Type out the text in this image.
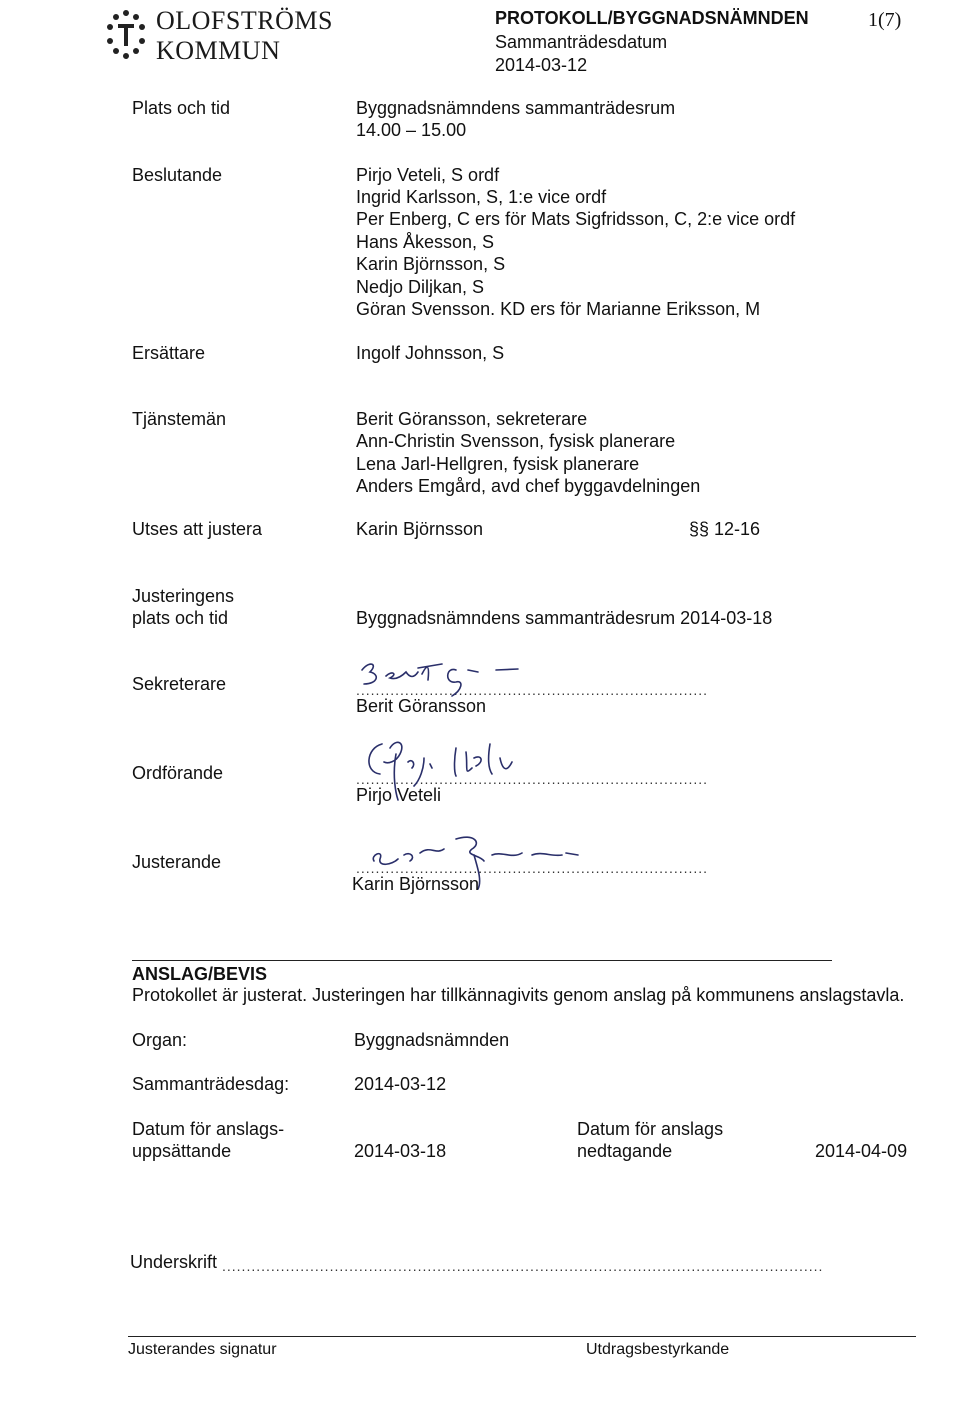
OLOFSTRÖMS
KOMMUN
PROTOKOLL/BYGGNADSNÄMNDEN
Sammanträdesdatum
2014-03-12
1(7)
Plats och tid	Byggnadsnämndens sammanträdesrum
14.00 – 15.00
Beslutande	Pirjo Veteli, S ordf
Ingrid Karlsson, S, 1:e vice ordf
Per Enberg, C ers för Mats Sigfridsson, C, 2:e vice ordf
Hans Åkesson, S
Karin Björnsson, S
Nedjo Diljkan, S
Göran Svensson. KD ers för Marianne Eriksson, M
Ersättare	Ingolf Johnsson, S
Tjänstemän	Berit Göransson, sekreterare
Ann-Christin Svensson, fysisk planerare
Lena Jarl-Hellgren, fysisk planerare
Anders Emgård, avd chef byggavdelningen
Utses att justera	Karin Björnsson	§§ 12-16
Justeringens
plats och tid	Byggnadsnämndens sammanträdesrum 2014-03-18
Sekreterare	........................................................................
Berit Göransson
Ordförande	........................................................................
Pirjo Veteli
Justerande	........................................................................
Karin Björnsson
ANSLAG/BEVIS
Protokollet är justerat. Justeringen har tillkännagivits genom anslag på kommunens anslagstavla.
Organ:	Byggnadsnämnden
Sammanträdesdag:	2014-03-12
Datum för anslags-
uppsättande	2014-03-18
Datum för anslags
nedtagande	2014-04-09
Underskrift ...........................................................................................................................
Justerandes signatur	Utdragsbestyrkande
